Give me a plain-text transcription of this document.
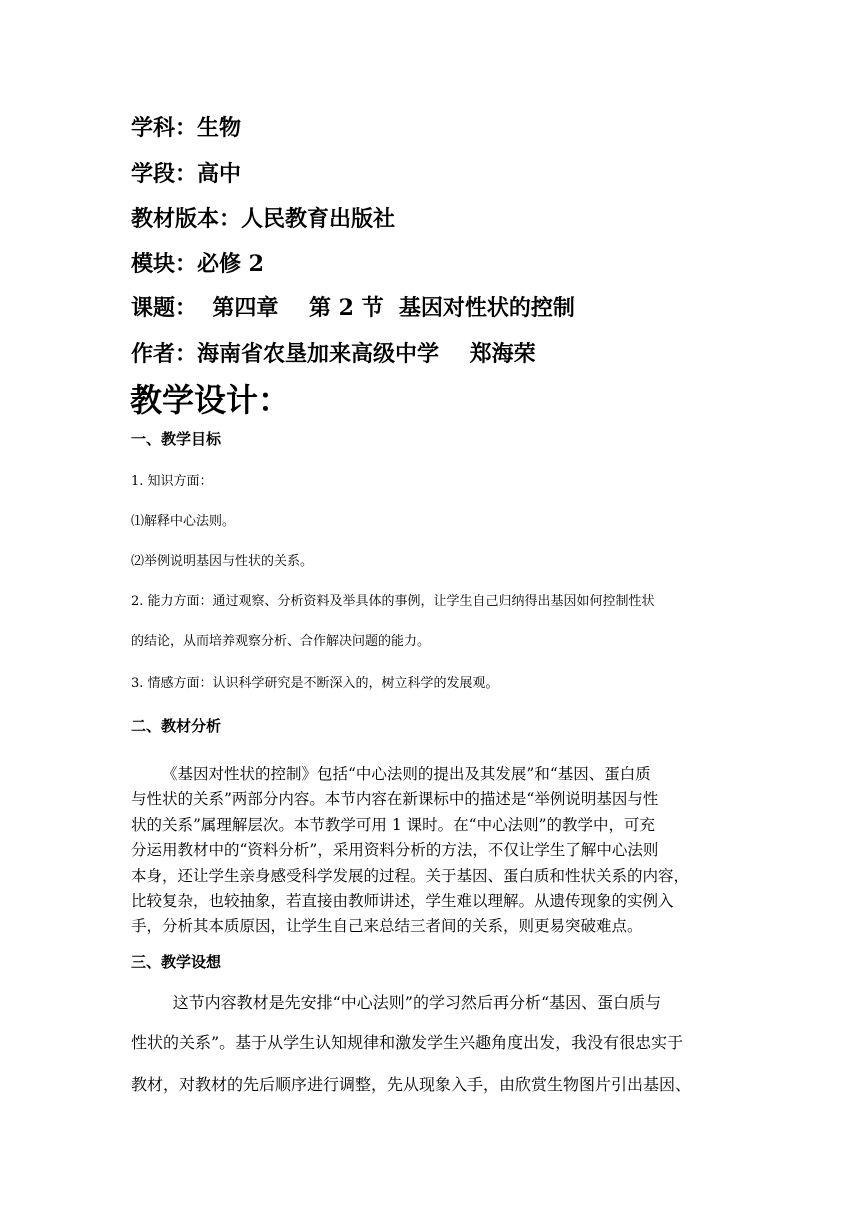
学科：生物
学段：高中
教材版本：人民教育出版社
模块：必修 2
课题：  第四章    第 2 节  基因对性状的控制
作者：海南省农垦加来高级中学    郑海荣
教学设计：
一、教学目标
1. 知识方面：
⑴解释中心法则。
⑵举例说明基因与性状的关系。
2. 能力方面：通过观察、分析资料及举具体的事例，让学生自己归纳得出基因如何控制性状
的结论，从而培养观察分析、合作解决问题的能力。
3. 情感方面：认识科学研究是不断深入的，树立科学的发展观。
二、教材分析
《基因对性状的控制》包括“中心法则的提出及其发展”和“基因、蛋白质
与性状的关系”两部分内容。本节内容在新课标中的描述是“举例说明基因与性
状的关系”属理解层次。本节教学可用 1 课时。在“中心法则”的教学中，可充
分运用教材中的“资料分析”，采用资料分析的方法，不仅让学生了解中心法则
本身，还让学生亲身感受科学发展的过程。关于基因、蛋白质和性状关系的内容，
比较复杂，也较抽象，若直接由教师讲述，学生难以理解。从遗传现象的实例入
手，分析其本质原因，让学生自己来总结三者间的关系，则更易突破难点。
三、教学设想
这节内容教材是先安排“中心法则”的学习然后再分析“基因、蛋白质与
性状的关系”。基于从学生认知规律和激发学生兴趣角度出发，我没有很忠实于
教材，对教材的先后顺序进行调整，先从现象入手，由欣赏生物图片引出基因、
